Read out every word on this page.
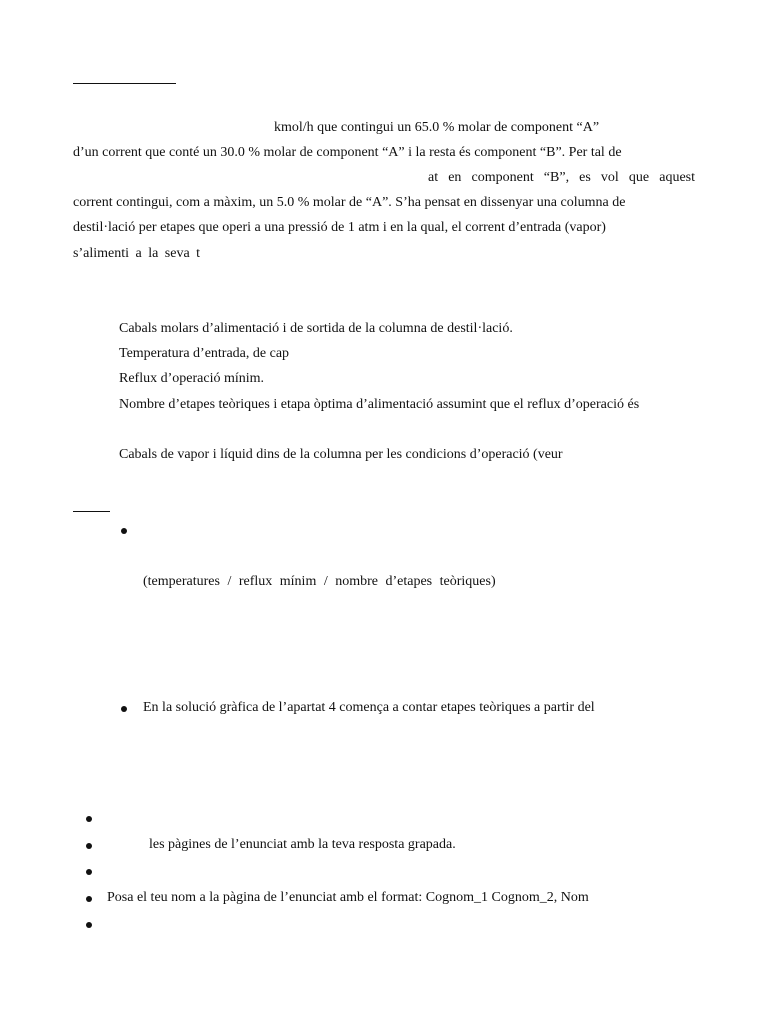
kmol/h que contingui un 65.0 % molar de component “A”
d’un corrent que conté un 30.0 % molar de component “A” i la resta és component “B”. Per tal de
at en component “B”, es vol que aquest
corrent contingui, com a màxim, un 5.0 % molar de “A”. S’ha pensat en dissenyar una columna de
destil·lació per etapes que operi a una pressió de 1 atm i en la qual, el corrent d’entrada (vapor)
s’alimenti a la seva t
Cabals molars d’alimentació i de sortida de la columna de destil·lació.
Temperatura d’entrada, de cap
Reflux d’operació mínim.
Nombre d’etapes teòriques i etapa òptima d’alimentació assumint que el reflux d’operació és
Cabals de vapor i líquid dins de la columna per les condicions d’operació (veur
(temperatures / reflux mínim / nombre d’etapes teòriques)
En la solució gràfica de l’apartat 4 comença a contar etapes teòriques a partir del
les pàgines de l’enunciat amb la teva resposta grapada.
Posa el teu nom a la pàgina de l’enunciat amb el format: Cognom_1 Cognom_2, Nom
